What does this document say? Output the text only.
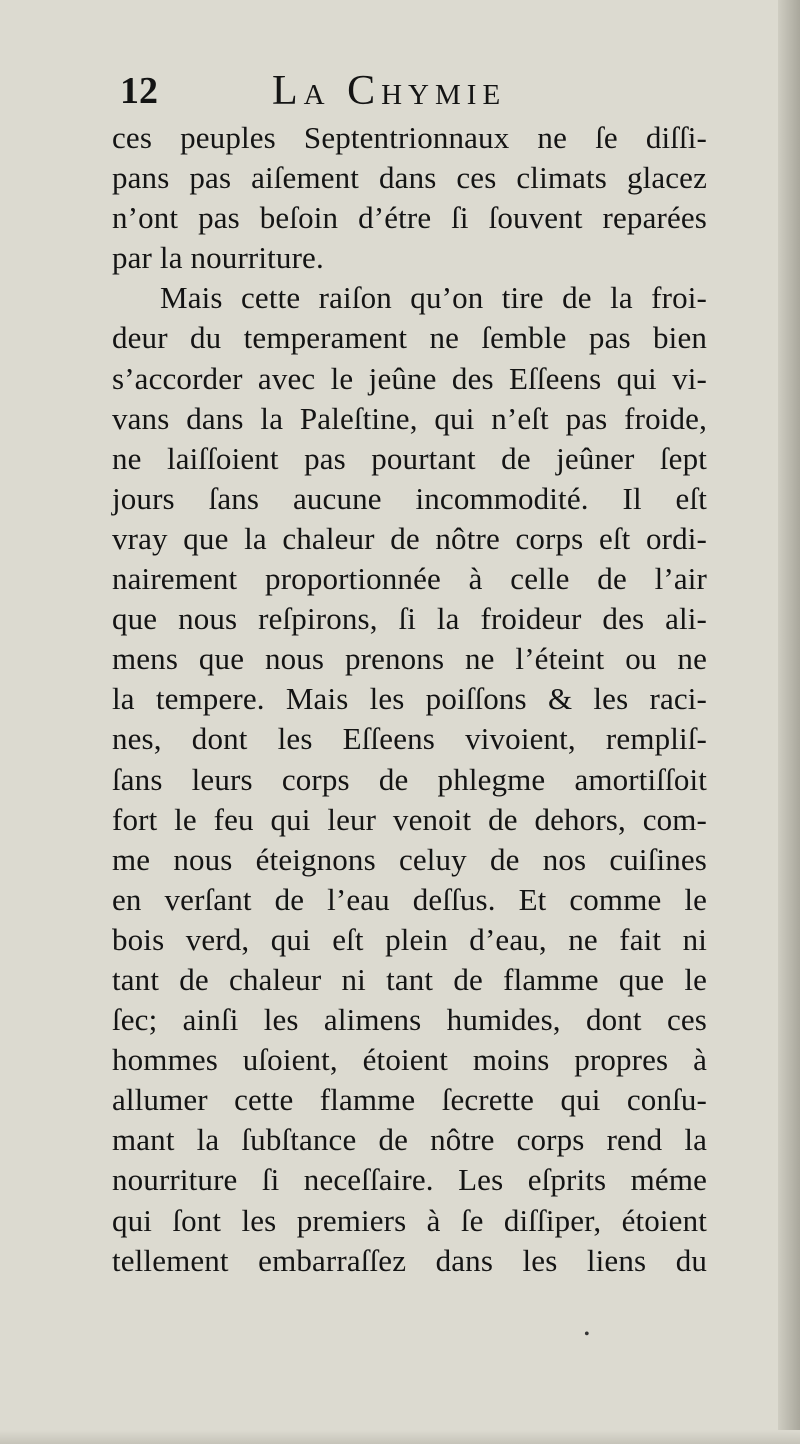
12	La Chymie
ces peuples Septentrionnaux ne ſe diſſi-
pans pas aiſement dans ces climats glacez
n’ont pas beſoin d’étre ſi ſouvent reparées
par la nourriture.
Mais cette raiſon qu’on tire de la froi-
deur du temperament ne ſemble pas bien
s’accorder avec le jeûne des Eſſeens qui vi-
vans dans la Paleſtine, qui n’eſt pas froide,
ne laiſſoient pas pourtant de jeûner ſept
jours ſans aucune incommodité. Il eſt
vray que la chaleur de nôtre corps eſt ordi-
nairement proportionnée à celle de l’air
que nous reſpirons, ſi la froideur des ali-
mens que nous prenons ne l’éteint ou ne
la tempere. Mais les poiſſons & les raci-
nes, dont les Eſſeens vivoient, rempliſ-
ſans leurs corps de phlegme amortiſſoit
fort le feu qui leur venoit de dehors, com-
me nous éteignons celuy de nos cuiſines
en verſant de l’eau deſſus. Et comme le
bois verd, qui eſt plein d’eau, ne fait ni
tant de chaleur ni tant de flamme que le
ſec; ainſi les alimens humides, dont ces
hommes uſoient, étoient moins propres à
allumer cette flamme ſecrette qui conſu-
mant la ſubſtance de nôtre corps rend la
nourriture ſi neceſſaire. Les eſprits méme
qui ſont les premiers à ſe diſſiper, étoient
tellement embarraſſez dans les liens du
•
